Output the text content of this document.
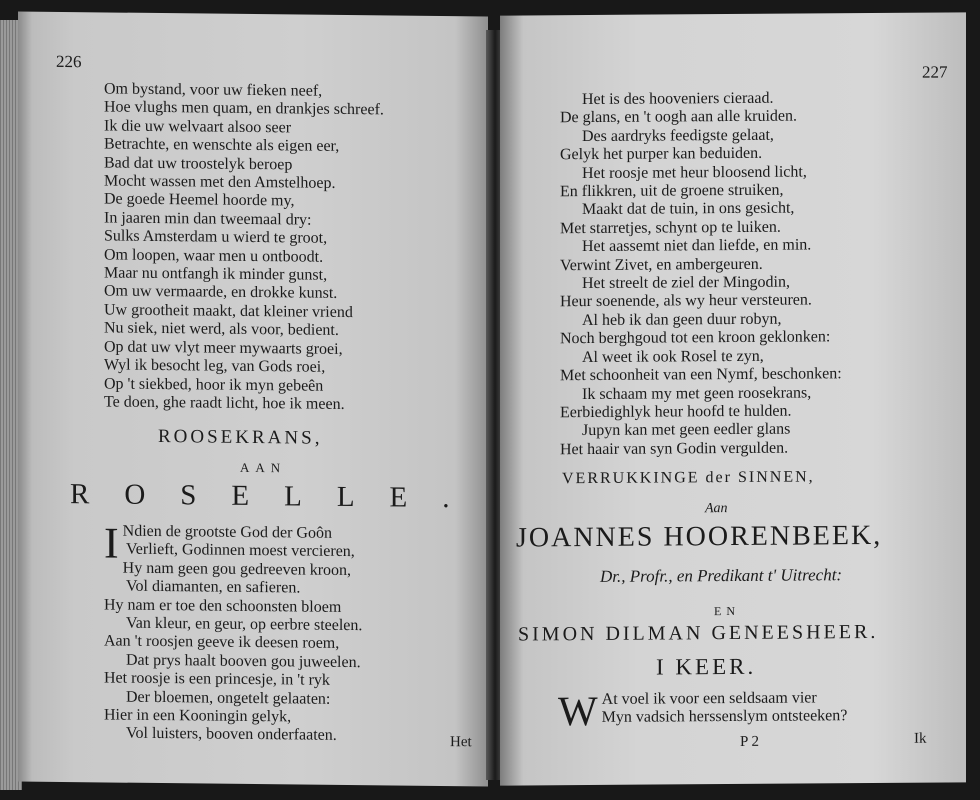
226
Om bystand, voor uw fieken neef,
Hoe vlughs men quam, en drankjes schreef.
Ik die uw welvaart alsoo seer
Betrachte, en wenschte als eigen eer,
Bad dat uw troostelyk beroep
Mocht wassen met den Amstelhoep.
De goede Heemel hoorde my,
In jaaren min dan tweemaal dry:
Sulks Amsterdam u wierd te groot,
Om loopen, waar men u ontboodt.
Maar nu ontfangh ik minder gunst,
Om uw vermaarde, en drokke kunst.
Uw grootheit maakt, dat kleiner vriend
Nu siek, niet werd, als voor, bedient.
Op dat uw vlyt meer mywaarts groei,
Wyl ik besocht leg, van Gods roei,
Op 't siekbed, hoor ik myn gebeên
Te doen, ghe raadt licht, hoe ik meen.
ROOSEKRANS,
AAN
ROSELLE.
I Ndien de grootste God der Goôn
Verlieft, Godinnen moest vercieren,
Hy nam geen gou gedreeven kroon,
Vol diamanten, en safieren.
Hy nam er toe den schoonsten bloem
Van kleur, en geur, op eerbre steelen.
Aan 't roosjen geeve ik deesen roem,
Dat prys haalt booven gou juweelen.
Het roosje is een princesje, in 't ryk
Der bloemen, ongetelt gelaaten:
Hier in een Kooningin gelyk,
Vol luisters, booven onderfaaten.	Het
227
Het is des hooveniers cieraad.
De glans, en 't oogh aan alle kruiden.
Des aardryks feedigste gelaat,
Gelyk het purper kan beduiden.
Het roosje met heur bloosend licht,
En flikkren, uit de groene struiken,
Maakt dat de tuin, in ons gesicht,
Met starretjes, schynt op te luiken.
Het aassemt niet dan liefde, en min.
Verwint Zivet, en ambergeuren.
Het streelt de ziel der Mingodin,
Heur soenende, als wy heur versteuren.
Al heb ik dan geen duur robyn,
Noch berghgoud tot een kroon geklonken:
Al weet ik ook Rosel te zyn,
Met schoonheit van een Nymf, beschonken:
Ik schaam my met geen roosekrans,
Eerbiedighlyk heur hoofd te hulden.
Jupyn kan met geen eedler glans
Het haair van syn Godin vergulden.
VERRUKKINGE der SINNEN,
Aan
JOANNES HOORENBEEK,
Dr., Profr., en Predikant t' Uitrecht:
EN
SIMON DILMAN GENEESHEER.
I KEER.
W At voel ik voor een seldsaam vier
Myn vadsich herssenslym ontsteeken?
P 2	Ik
